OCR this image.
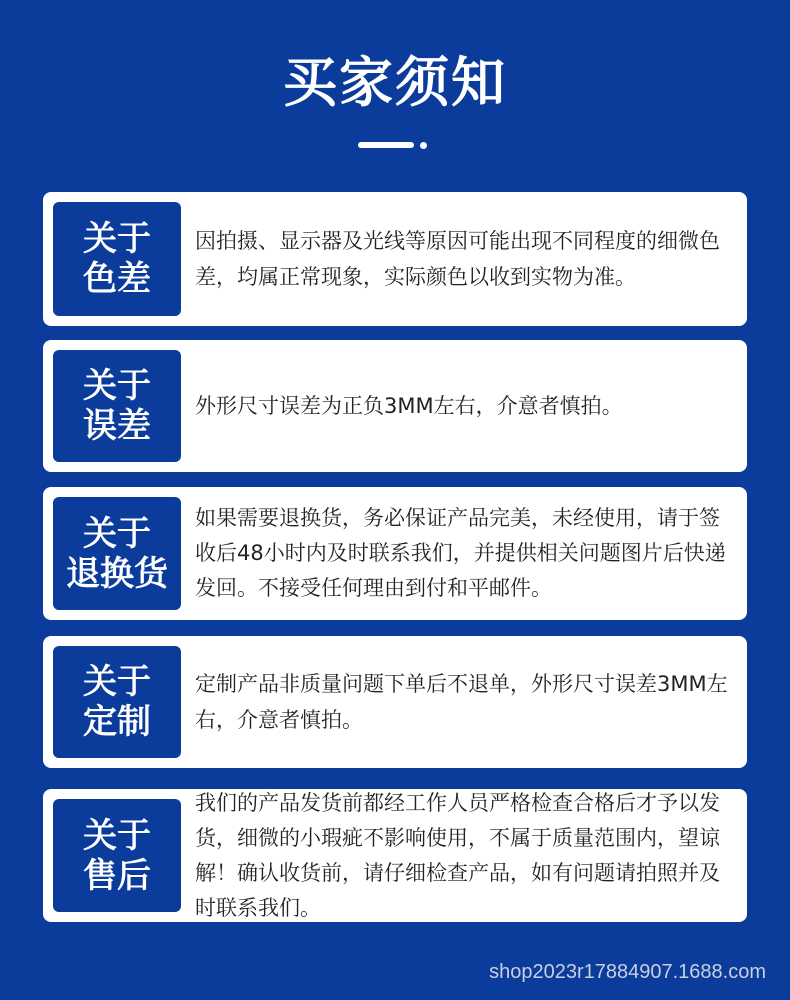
买家须知
关于
色差
因拍摄、显示器及光线等原因可能出现不同程度的细微色差，均属正常现象，实际颜色以收到实物为准。
关于
误差 外形尺寸误差为正负3MM左右，介意者慎拍。
关于
退换货
如果需要退换货，务必保证产品完美，未经使用，请于签收后48小时内及时联系我们，并提供相关问题图片后快递发回。不接受任何理由到付和平邮件。
关于
定制
定制产品非质量问题下单后不退单，外形尺寸误差3MM左右，介意者慎拍。
关于
售后
我们的产品发货前都经工作人员严格检查合格后才予以发货，细微的小瑕疵不影响使用，不属于质量范围内，望谅解！确认收货前，请仔细检查产品，如有问题请拍照并及时联系我们。
shop2023r17884907.1688.com
